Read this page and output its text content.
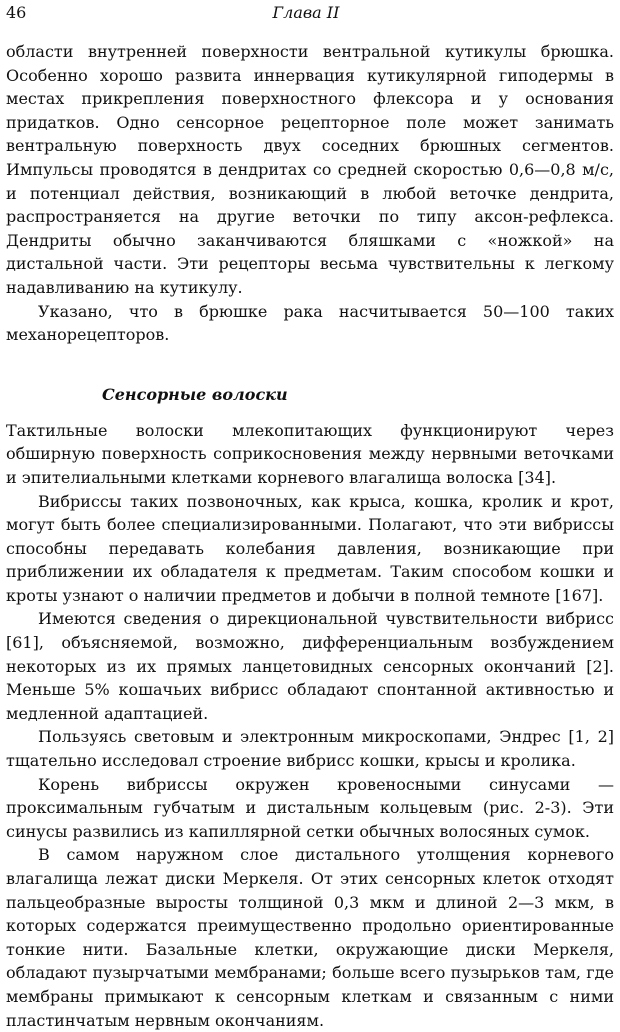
46	Глава II

области внутренней поверхности вентральной кутикулы брюшка. Особенно хорошо развита иннервация кутикулярной гиподермы в местах прикрепления поверхностного флексора и у основания придатков. Одно сенсорное рецепторное поле может занимать вентральную поверхность двух соседних брюшных сегментов. Импульсы проводятся в дендритах со средней скоростью 0,6—0,8 м/с, и потенциал действия, возникающий в любой веточке дендрита, распространяется на другие веточки по типу аксон-рефлекса. Дендриты обычно заканчиваются бляшками с «ножкой» на дистальной части. Эти рецепторы весьма чувствительны к легкому надавливанию на кутикулу.

Указано, что в брюшке рака насчитывается 50—100 таких механорецепторов.

Сенсорные волоски

Тактильные волоски млекопитающих функционируют через обширную поверхность соприкосновения между нервными веточками и эпителиальными клетками корневого влагалища волоска [34].

Вибриссы таких позвоночных, как крыса, кошка, кролик и крот, могут быть более специализированными. Полагают, что эти вибриссы способны передавать колебания давления, возникающие при приближении их обладателя к предметам. Таким способом кошки и кроты узнают о наличии предметов и добычи в полной темноте [167].

Имеются сведения о дирекциональной чувствительности вибрисс [61], объясняемой, возможно, дифференциальным возбуждением некоторых из их прямых ланцетовидных сенсорных окончаний [2]. Меньше 5% кошачьих вибрисс обладают спонтанной активностью и медленной адаптацией.

Пользуясь световым и электронным микроскопами, Эндрес [1, 2] тщательно исследовал строение вибрисс кошки, крысы и кролика.

Корень вибриссы окружен кровеносными синусами — проксимальным губчатым и дистальным кольцевым (рис. 2-3). Эти синусы развились из капиллярной сетки обычных волосяных сумок.

В самом наружном слое дистального утолщения корневого влагалища лежат диски Меркеля. От этих сенсорных клеток отходят пальцеобразные выросты толщиной 0,3 мкм и длиной 2—3 мкм, в которых содержатся преимущественно продольно ориентированные тонкие нити. Базальные клетки, окружающие диски Меркеля, обладают пузырчатыми мембранами; больше всего пузырьков там, где мембраны примыкают к сенсорным клеткам и связанным с ними пластинчатым нервным окончаниям.
